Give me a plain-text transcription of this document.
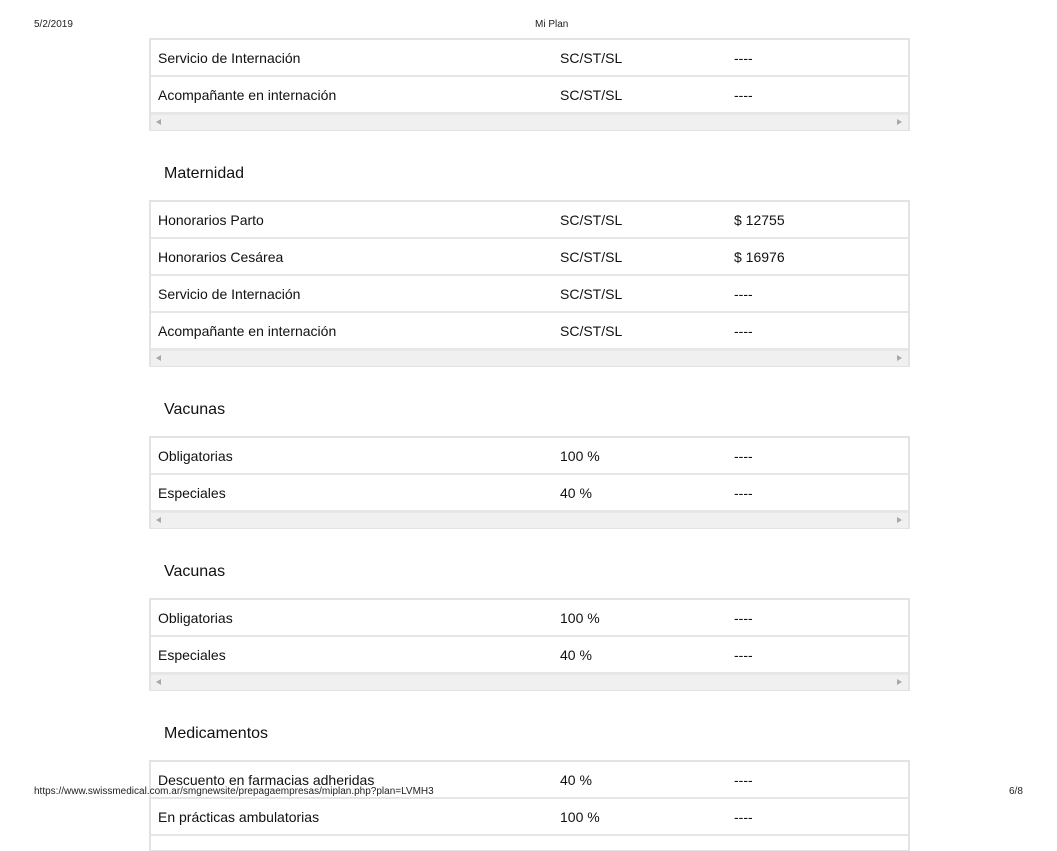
5/2/2019	Mi Plan
Servicio de Internación	SC/ST/SL	----
Acompañante en internación	SC/ST/SL	----
Maternidad
Honorarios Parto	SC/ST/SL	$ 12755
Honorarios Cesárea	SC/ST/SL	$ 16976
Servicio de Internación	SC/ST/SL	----
Acompañante en internación	SC/ST/SL	----
Vacunas
Obligatorias	100 %	----
Especiales	40 %	----
Vacunas
Obligatorias	100 %	----
Especiales	40 %	----
Medicamentos
Descuento en farmacias adheridas	40 %	----
En prácticas ambulatorias	100 %	----
https://www.swissmedical.com.ar/smgnewsite/prepagaempresas/miplan.php?plan=LVMH3	6/8
